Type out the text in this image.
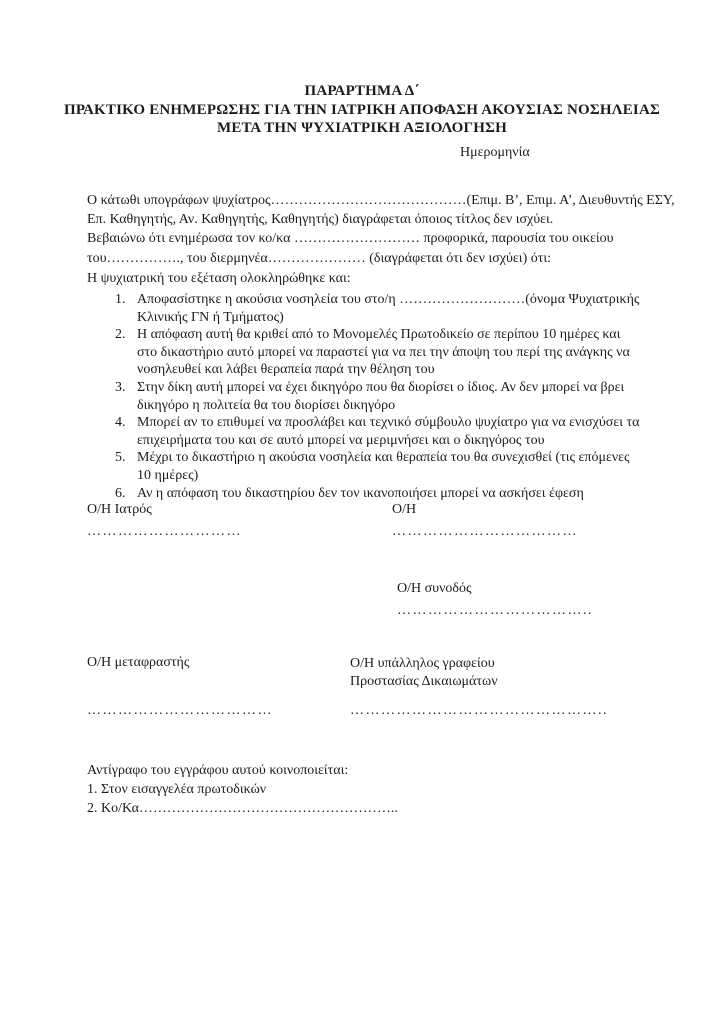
ΠΑΡΑΡΤΗΜΑ Δ΄
ΠΡΑΚΤΙΚΟ ΕΝΗΜΕΡΩΣΗΣ ΓΙΑ ΤΗΝ ΙΑΤΡΙΚΗ ΑΠΟΦΑΣΗ ΑΚΟΥΣΙΑΣ ΝΟΣΗΛΕΙΑΣ
ΜΕΤΑ ΤΗΝ ΨΥΧΙΑΤΡΙΚΗ ΑΞΙΟΛΟΓΗΣΗ
Ημερομηνία
Ο κάτωθι υπογράφων ψυχίατρος……………………………………(Επιμ. Β’, Επιμ. Α’, Διευθυντής ΕΣΥ,
Επ. Καθηγητής, Αν. Καθηγητής, Καθηγητής) διαγράφεται όποιος τίτλος δεν ισχύει.
Βεβαιώνω ότι ενημέρωσα τον κο/κα ……………………… προφορικά, παρουσία του οικείου
του……………., του διερμηνέα………………… (διαγράφεται ότι δεν ισχύει) ότι:
Η ψυχιατρική του εξέταση ολοκληρώθηκε και:
1. Αποφασίστηκε η ακούσια νοσηλεία του στο/η ………………………(όνομα Ψυχιατρικής Κλινικής ΓΝ ή Τμήματος)
2. Η απόφαση αυτή θα κριθεί από το Μονομελές Πρωτοδικείο σε περίπου 10 ημέρες και στο δικαστήριο αυτό μπορεί να παραστεί για να πει την άποψη του περί της ανάγκης να νοσηλευθεί και λάβει θεραπεία παρά την θέληση του
3. Στην δίκη αυτή μπορεί να έχει δικηγόρο που θα διορίσει ο ίδιος. Αν δεν μπορεί να βρει δικηγόρο η πολιτεία θα του διορίσει δικηγόρο
4. Μπορεί αν το επιθυμεί να προσλάβει και τεχνικό σύμβουλο ψυχίατρο για να ενισχύσει τα επιχειρήματα του και σε αυτό μπορεί να μεριμνήσει και ο δικηγόρος του
5. Μέχρι το δικαστήριο η ακούσια νοσηλεία και θεραπεία του θα συνεχισθεί (τις επόμενες 10 ημέρες)
6. Αν η απόφαση του δικαστηρίου δεν τον ικανοποιήσει μπορεί να ασκήσει έφεση
Ο/Η Ιατρός
…………………………
Ο/Η
………………………………
Ο/Η συνοδός
………………………………..
Ο/Η μεταφραστής	Ο/Η υπάλληλος γραφείου
Προστασίας Δικαιωμάτων
………………………………	…………………………………………..
Αντίγραφο του εγγράφου αυτού κοινοποιείται:
1. Στον εισαγγελέα πρωτοδικών
2. Κο/Κα………………………………………………..
